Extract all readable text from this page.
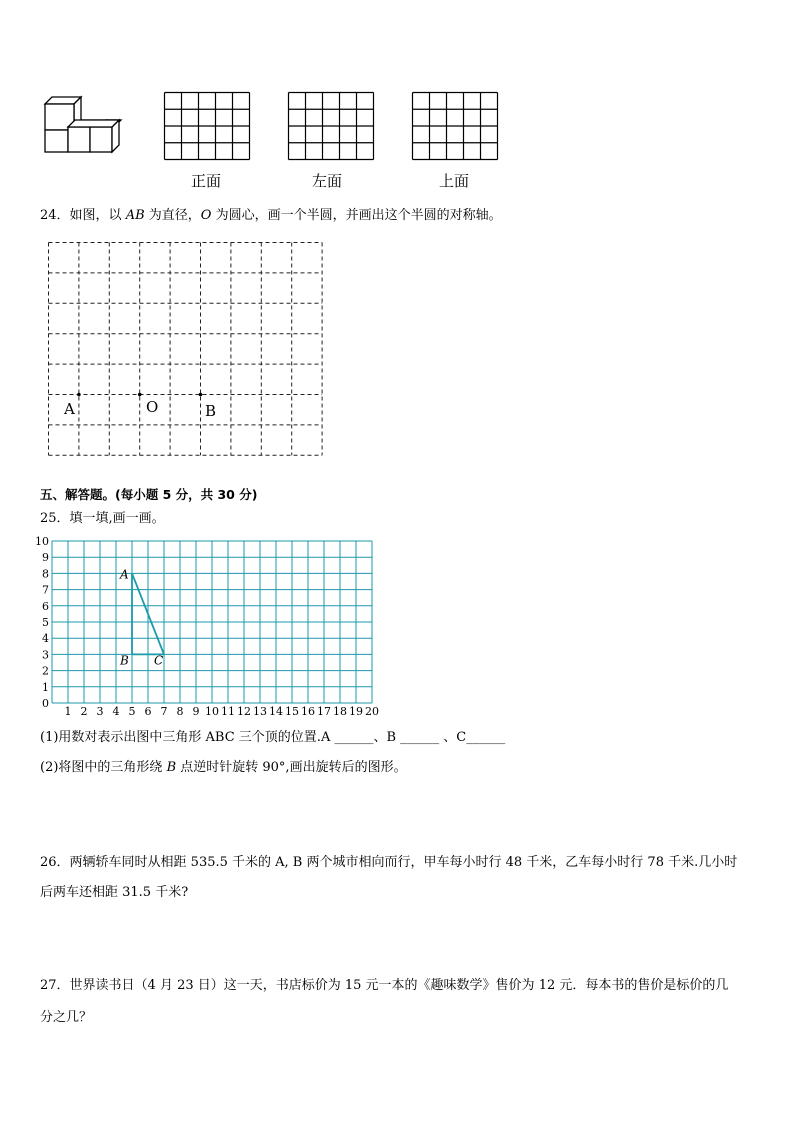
正面	左面	上面
24．如图，以 AB 为直径，O 为圆心，画一个半圆，并画出这个半圆的对称轴。
A	O	B
五、解答题。(每小题 5 分，共 30 分)
25．填一填,画一画。
1 2 3 4 5 6 7 8 9 10 11 12 13 14 15 16 17 18 19 20
0
1
2
3
4
5
6
7
8
9
10
A
B C
(1)用数对表示出图中三角形 ABC 三个顶的位置.A ______、B ______ 、C______
(2)将图中的三角形绕 B 点逆时针旋转 90°,画出旋转后的图形。
26．两辆轿车同时从相距 535.5 千米的 A, B 两个城市相向而行，甲车每小时行 48 千米，乙车每小时行 78 千米.几小时
后两车还相距 31.5 千米?
27．世界读书日（4 月 23 日）这一天，书店标价为 15 元一本的《趣味数学》售价为 12 元．每本书的售价是标价的几
分之几？
